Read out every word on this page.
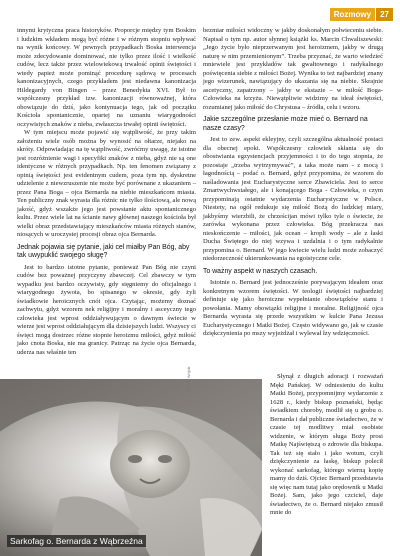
Rozmowy	27

innymi krytyczna praca historyków. Proporcje między tym Boskim i ludzkim wkładem mogą być różne i w różnym stopniu wpływać na wynik końcowy. W pewnych przypadkach Boska interwencja może zdecydowanie dominować, nie tylko przez ilość i wielkość cudów, lecz także przez wielowiekową trwałość opinii świętości i wtedy papież może pominąć procedurę sądową w procesach kanonizacyjnych, czego przykładem jest niedawna kanonizacja Hildegardy von Bingen – przez Benedykta XVI. Był to współczesny przykład tzw. kanonizacji równoważnej, która obowiązuje do dziś, jako kontynuacja tego, jak od początku Kościoła spontanicznie, opartej na uznaniu wiarygodności oczywistych znaków z nieba, zwłaszcza trwałej opinii świętości.

W tym miejscu może pojawić się wątpliwość, że przy takim założeniu wiele osób można by wynosić na ołtarze, niejako na skróty. Odpowiadając na tę wątpliwość, zwróćmy uwagę, że istotne jest rozróżnienie wagi i specyfiki znaków z nieba, gdyż nie są one identyczne w różnych przypadkach. Np. ten fenomen związany z opinią świętości jest evidentnym cudem, poza tym np. dyskretne udzielenie z niewzruszenie nie może być porównane z ukazaniem – przez Pana Boga – ojca Bernarda na niebie mieszkańcom miasta. Ten publiczny znak wyrasta dla różnic nie tylko ilościową, ale nową jakość, gdyż wszakże jego jest powstanie aktu spontanicznego kultu. Przez wiele lat na ścianie nawy głównej naszego kościoła był wielki obraz przedstawiający mieszkańców miasta różnych stanów, niosących w uroczystej procesji obraz ojca Bernarda.

Jednak pojawia się pytanie, jaki cel miałby Pan Bóg, aby tak uwypuklić swojego sługę?

Jest to bardzo istotne pytanie, ponieważ Pan Bóg nie czyni cudów bez poważnej przyczyny zbawczej. Cel zbawczy w tym wypadku jest bardzo oczywisty, gdy sięgniemy do oficjalnego i wiarygodnego żywota, bo spisanego w okresie, gdy żyli świadkowie heroicznych cnót ojca. Czytając, możemy doznać zachwytu, gdyż wzorem nek religijny i moralny i asceyczny tego człowieka jest wprost oddziaływującym o dawnym świecie w wierze jest wprost oddziałującym dla dzisiejszych ludzi. Wszyscy ci święci mogą dostrzec różne stopnie heroizmu miłości, gdyż miłość jako cnota Boska, nie ma granicy. Patrząc na życie ojca Bernarda, uderza nas właśnie ten

bezmiar miłości widoczny w jakby doskonałym połwieceniu siebie. Napisał o tym np. autor słynnej książki ks. Marcin Chwaliszewski: „Jego życie było nieprzerwanym jest heroizmem, jakby w drugą naturę w nim przemienionym”. Trzeba przyznać, że warto wiedzieć mniewiele jest przykładów tak gwałtownego i radykalnego poświęcenia siebie z miłości Bożej. Wynika to też najbardziej znany jego wizerunek, nawiązujący do ukazania się na niebie. Skrajnie ascetyczny, zapatrzony – jakby w ekstazie – w miłość Boga-Człowieka na krzyżu. Niewątpliwie widzimy na ideał świętości, rozumianej jako miłość do Chrystusa – źródła, celu i wzoru.

Jakie szczególne przesłanie może mieć o. Bernard na nasze czasy?

Jest to zew. aspekt ekleyjny, czyli szczególna aktualność postaci dla obecnej epoki. Współczesny człowiek skłania się do obostwiania egzystencjach przyjemności i to do tego stopnia, że pozostaje „trzeba wytrzymywać”, a taka może nam - z mocą i łagodnością – podać o. Bernard, gdyż przypomina, że wzorem do naśladowania jest Eucharystyczne serce Zbawiciela. Jest to serce Zmartwychwstałego, ale i konającego Boga - Człowieka, o czym przypominają ostatnie wydarzenia Eucharystyczne w Polsce. Niestety, na ogół redukuje się miłość Bożą do ludzkiej miary, jakbyśmy wierzbili, że chrześcijan mówi tylko tyle o świecie, że zarówka wykonana przez człowieka. Bóg przekracza nas nieskończenie – miłości, jak ocean – kropli wody – ale z łaski Ducha Świętego do niej wzywa i uzdalnia i o tym radykalnie przypomina o. Bernard. W jego kwiecie wielu ludzi może zobaczyć niedorzeczność ukierunkowania na egoistyczne cele.

To ważny aspekt w naszych czasach.

Istotnie o. Bernard jest jednocześnie porywającym ideałem oraz konkretnym wzorem świętości. W teologii świętości najbardziej definiuje się jako heroiczne wypełnianie obowiązków stanu i powołania. Mamy obowiązki religijne i moralne. Religijność ojca Bernarda wyrasta się przede wszystkim w kulcie Pana Jezusa Eucharystycznego i Matki Bożej. Często widywano go, jak w czasie dziękczynienia po mszy wyjeżdżał i wylewał łzy wdzięczności.

Sarkofag o. Bernarda z Wąbrzeźna
Fot. W. Wójcik	Słynął z długich adoracji i rozważań Męki Pańskiej. W odniesieniu do kultu Matki Bożej, przypomnijmy wydarzenie z 1628 r., kiedy biskup poznański, będąc świadkiem choroby, modlił się u grobu o. Bernarda i dał publiczne świadectwo, że w czasie tej modlitwy miał osobiste widzenie, w którym sługa Boży prosi Matkę Najświętszą o zdrowie dla biskupa. Tak też się stało i jako wotum, czyli dziękczynienie za łaskę, biskup polecił wykonać sarkofag, którego wierną kopię mamy do dziś. Ojciec Bernard przedstawia się więc nam tutaj jako orędownik u Matki Bożej. Sam, jako jego czciciel, daje świadectwo, że o. Bernard niejako zmusił mnie do
